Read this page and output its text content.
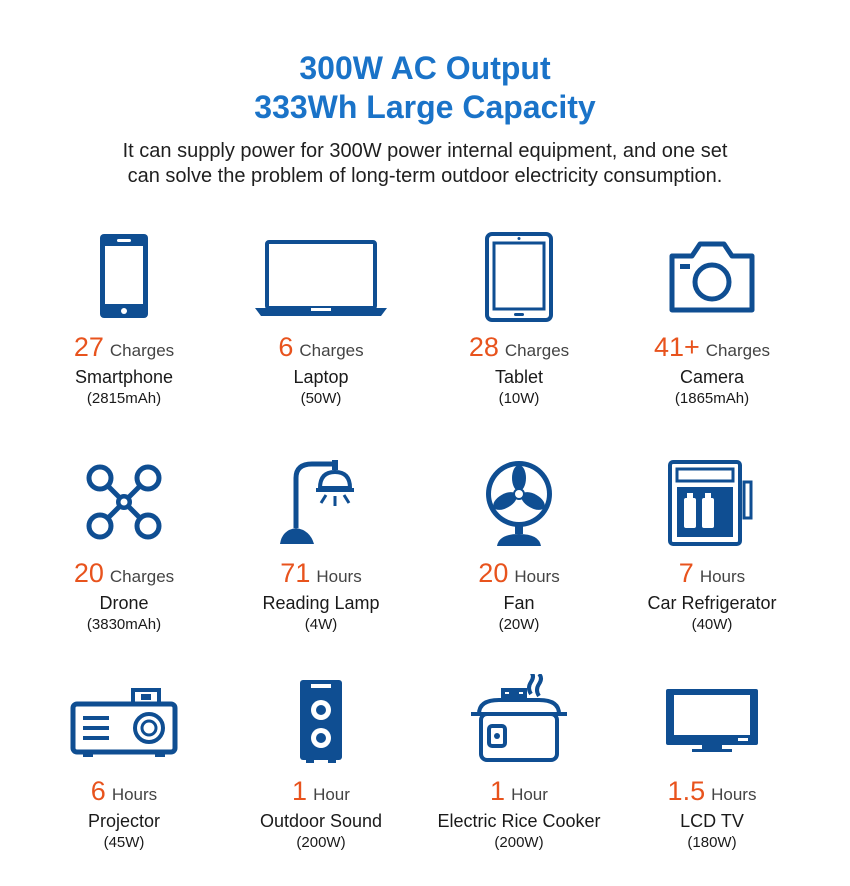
300W AC Output
333Wh Large Capacity
It can supply power for 300W power internal equipment, and one set
can solve the problem of long-term outdoor electricity consumption.
27 Charges
Smartphone
(2815mAh)
6 Charges
Laptop
(50W)
28 Charges
Tablet
(10W)
41+ Charges
Camera
(1865mAh)
20 Charges
Drone
(3830mAh)
71 Hours
Reading Lamp
(4W)
20 Hours
Fan
(20W)
7 Hours
Car Refrigerator
(40W)
6 Hours
Projector
(45W)
1 Hour
Outdoor Sound
(200W)
1 Hour
Electric Rice Cooker
(200W)
1.5 Hours
LCD TV
(180W)
